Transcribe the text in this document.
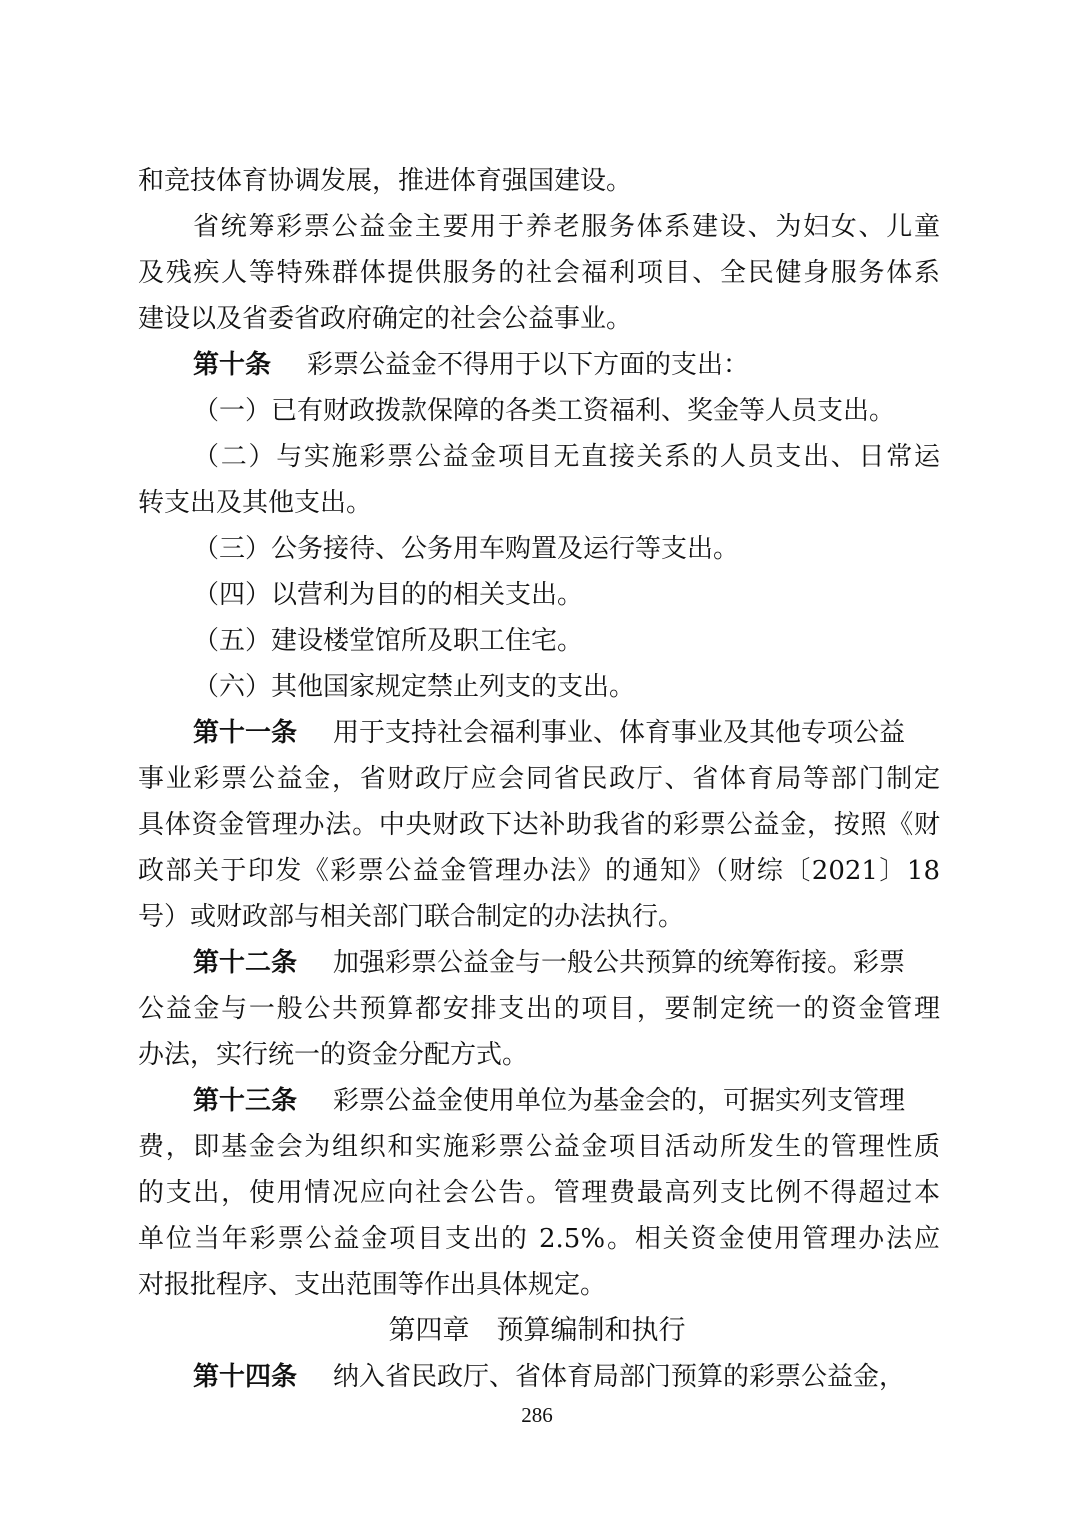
和竞技体育协调发展，推进体育强国建设。
省统筹彩票公益金主要用于养老服务体系建设、为妇女、儿童
及残疾人等特殊群体提供服务的社会福利项目、全民健身服务体系
建设以及省委省政府确定的社会公益事业。
第十条 彩票公益金不得用于以下方面的支出：
（一）已有财政拨款保障的各类工资福利、奖金等人员支出。
（二）与实施彩票公益金项目无直接关系的人员支出、日常运
转支出及其他支出。
（三）公务接待、公务用车购置及运行等支出。
（四）以营利为目的的相关支出。
（五）建设楼堂馆所及职工住宅。
（六）其他国家规定禁止列支的支出。
第十一条 用于支持社会福利事业、体育事业及其他专项公益
事业彩票公益金，省财政厅应会同省民政厅、省体育局等部门制定
具体资金管理办法。中央财政下达补助我省的彩票公益金，按照《财
政部关于印发《彩票公益金管理办法》的通知》（财综〔2021〕18
号）或财政部与相关部门联合制定的办法执行。
第十二条 加强彩票公益金与一般公共预算的统筹衔接。彩票
公益金与一般公共预算都安排支出的项目，要制定统一的资金管理
办法，实行统一的资金分配方式。
第十三条 彩票公益金使用单位为基金会的，可据实列支管理
费，即基金会为组织和实施彩票公益金项目活动所发生的管理性质
的支出，使用情况应向社会公告。管理费最高列支比例不得超过本
单位当年彩票公益金项目支出的 2.5%。相关资金使用管理办法应
对报批程序、支出范围等作出具体规定。
第四章　预算编制和执行
第十四条 纳入省民政厅、省体育局部门预算的彩票公益金，
286
